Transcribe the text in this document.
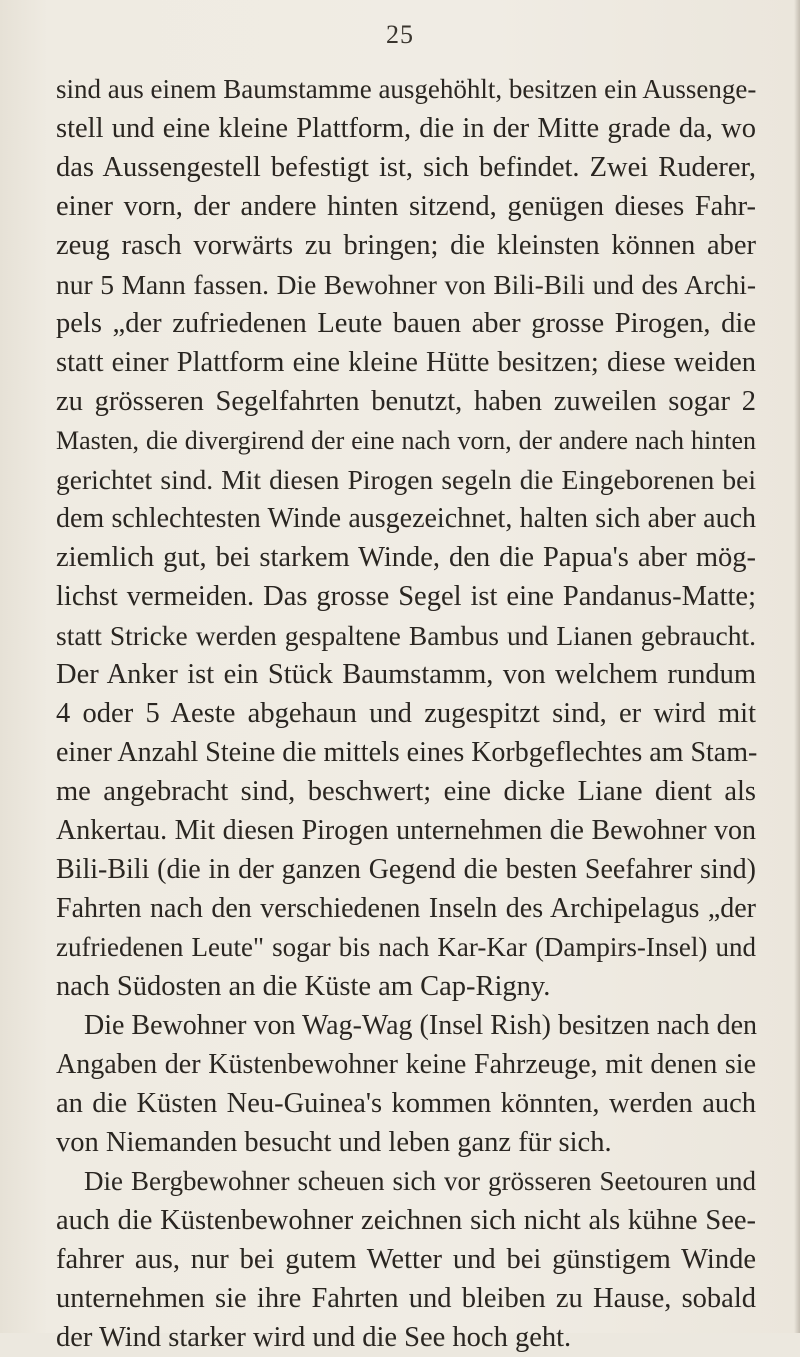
25
sind aus einem Baumstamme ausgehöhlt, besitzen ein Aussenge-
stell und eine kleine Plattform, die in der Mitte grade da, wo
das Aussengestell befestigt ist, sich befindet. Zwei Ruderer,
einer vorn, der andere hinten sitzend, genügen dieses Fahr-
zeug rasch vorwärts zu bringen; die kleinsten können aber
nur 5 Mann fassen. Die Bewohner von Bili-Bili und des Archi-
pels „der zufriedenen Leute bauen aber grosse Pirogen, die
statt einer Plattform eine kleine Hütte besitzen; diese weiden
zu grösseren Segelfahrten benutzt, haben zuweilen sogar 2
Masten, die divergirend der eine nach vorn, der andere nach hinten
gerichtet sind. Mit diesen Pirogen segeln die Eingeborenen bei
dem schlechtesten Winde ausgezeichnet, halten sich aber auch
ziemlich gut, bei starkem Winde, den die Papua's aber mög-
lichst vermeiden. Das grosse Segel ist eine Pandanus-Matte;
statt Stricke werden gespaltene Bambus und Lianen gebraucht.
Der Anker ist ein Stück Baumstamm, von welchem rundum
4 oder 5 Aeste abgehaun und zugespitzt sind, er wird mit
einer Anzahl Steine die mittels eines Korbgeflechtes am Stam-
me angebracht sind, beschwert; eine dicke Liane dient als
Ankertau. Mit diesen Pirogen unternehmen die Bewohner von
Bili-Bili (die in der ganzen Gegend die besten Seefahrer sind)
Fahrten nach den verschiedenen Inseln des Archipelagus „der
zufriedenen Leute" sogar bis nach Kar-Kar (Dampirs-Insel) und
nach Südosten an die Küste am Cap-Rigny.
Die Bewohner von Wag-Wag (Insel Rish) besitzen nach den
Angaben der Küstenbewohner keine Fahrzeuge, mit denen sie
an die Küsten Neu-Guinea's kommen könnten, werden auch
von Niemanden besucht und leben ganz für sich.
Die Bergbewohner scheuen sich vor grösseren Seetouren und
auch die Küstenbewohner zeichnen sich nicht als kühne See-
fahrer aus, nur bei gutem Wetter und bei günstigem Winde
unternehmen sie ihre Fahrten und bleiben zu Hause, sobald
der Wind starker wird und die See hoch geht.
